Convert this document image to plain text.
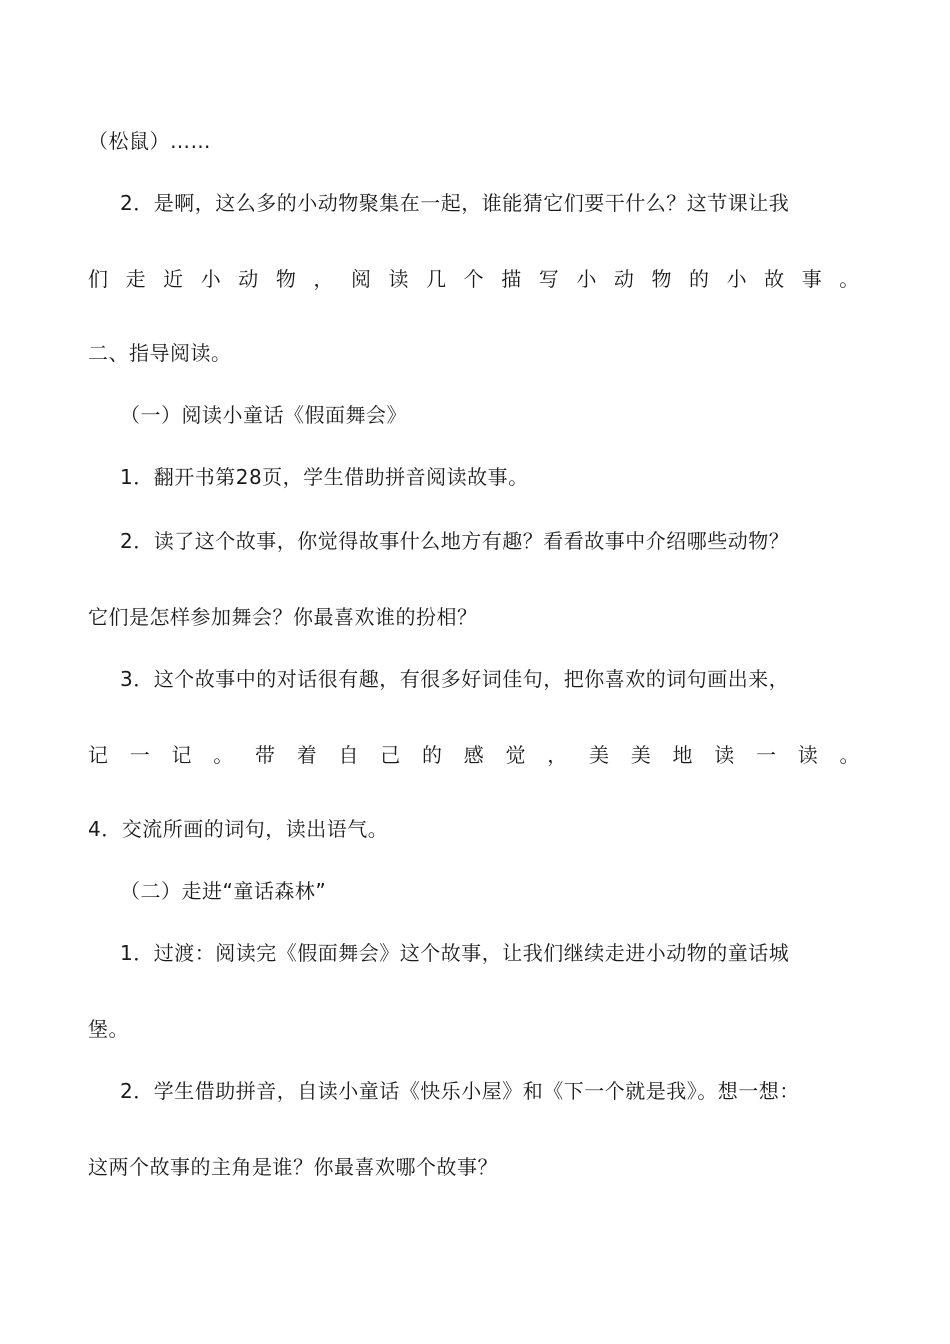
（松鼠）……
2．是啊，这么多的小动物聚集在一起，谁能猜它们要干什么？这节课让我
们 走 近 小 动 物 ， 阅 读 几 个 描 写 小 动 物 的 小 故 事 。
二、指导阅读。
（一）阅读小童话《假面舞会》
1．翻开书第28页，学生借助拼音阅读故事。
2．读了这个故事，你觉得故事什么地方有趣？看看故事中介绍哪些动物？
它们是怎样参加舞会？你最喜欢谁的扮相？
3．这个故事中的对话很有趣，有很多好词佳句，把你喜欢的词句画出来，
记 一 记 。 带 着 自 己 的 感 觉 ， 美 美 地 读 一 读 。
4．交流所画的词句，读出语气。
（二）走进“童话森林”
1．过渡：阅读完《假面舞会》这个故事，让我们继续走进小动物的童话城
堡。
2．学生借助拼音，自读小童话《快乐小屋》和《下一个就是我》。想一想：
这两个故事的主角是谁？你最喜欢哪个故事？
